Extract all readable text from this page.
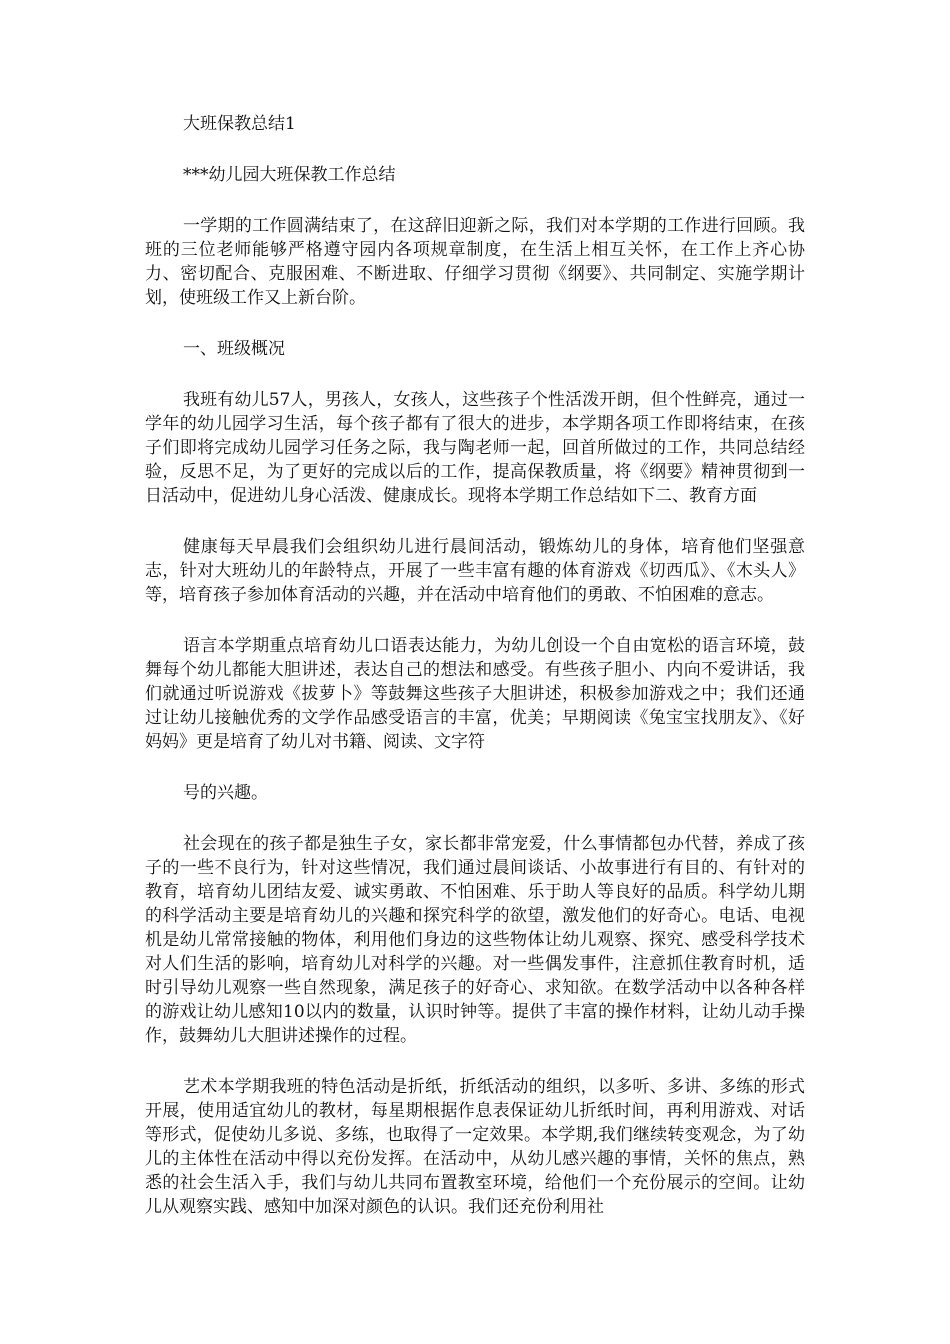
大班保教总结1

***幼儿园大班保教工作总结

一学期的工作圆满结束了，在这辞旧迎新之际，我们对本学期的工作进行回顾。我班的三位老师能够严格遵守园内各项规章制度，在生活上相互关怀，在工作上齐心协力、密切配合、克服困难、不断进取、仔细学习贯彻《纲要》、共同制定、实施学期计划，使班级工作又上新台阶。

一、班级概况

我班有幼儿57人，男孩人，女孩人，这些孩子个性活泼开朗，但个性鲜亮，通过一学年的幼儿园学习生活，每个孩子都有了很大的进步，本学期各项工作即将结束，在孩子们即将完成幼儿园学习任务之际，我与陶老师一起，回首所做过的工作，共同总结经验，反思不足，为了更好的完成以后的工作，提高保教质量，将《纲要》精神贯彻到一日活动中，促进幼儿身心活泼、健康成长。现将本学期工作总结如下二、教育方面

健康每天早晨我们会组织幼儿进行晨间活动，锻炼幼儿的身体，培育他们坚强意志，针对大班幼儿的年龄特点，开展了一些丰富有趣的体育游戏《切西瓜》、《木头人》等，培育孩子参加体育活动的兴趣，并在活动中培育他们的勇敢、不怕困难的意志。

语言本学期重点培育幼儿口语表达能力，为幼儿创设一个自由宽松的语言环境，鼓舞每个幼儿都能大胆讲述，表达自己的想法和感受。有些孩子胆小、内向不爱讲话，我们就通过听说游戏《拔萝卜》等鼓舞这些孩子大胆讲述，积极参加游戏之中；我们还通过让幼儿接触优秀的文学作品感受语言的丰富，优美；早期阅读《兔宝宝找朋友》、《好妈妈》更是培育了幼儿对书籍、阅读、文字符

号的兴趣。

社会现在的孩子都是独生子女，家长都非常宠爱，什么事情都包办代替，养成了孩子的一些不良行为，针对这些情况，我们通过晨间谈话、小故事进行有目的、有针对的教育，培育幼儿团结友爱、诚实勇敢、不怕困难、乐于助人等良好的品质。科学幼儿期的科学活动主要是培育幼儿的兴趣和探究科学的欲望，激发他们的好奇心。电话、电视机是幼儿常常接触的物体，利用他们身边的这些物体让幼儿观察、探究、感受科学技术对人们生活的影响，培育幼儿对科学的兴趣。对一些偶发事件，注意抓住教育时机，适时引导幼儿观察一些自然现象，满足孩子的好奇心、求知欲。在数学活动中以各种各样的游戏让幼儿感知10以内的数量，认识时钟等。提供了丰富的操作材料，让幼儿动手操作，鼓舞幼儿大胆讲述操作的过程。

艺术本学期我班的特色活动是折纸，折纸活动的组织，以多听、多讲、多练的形式开展，使用适宜幼儿的教材，每星期根据作息表保证幼儿折纸时间，再利用游戏、对话等形式，促使幼儿多说、多练，也取得了一定效果。本学期,我们继续转变观念，为了幼儿的主体性在活动中得以充份发挥。在活动中，从幼儿感兴趣的事情，关怀的焦点，熟悉的社会生活入手，我们与幼儿共同布置教室环境，给他们一个充份展示的空间。让幼儿从观察实践、感知中加深对颜色的认识。我们还充份利用社
